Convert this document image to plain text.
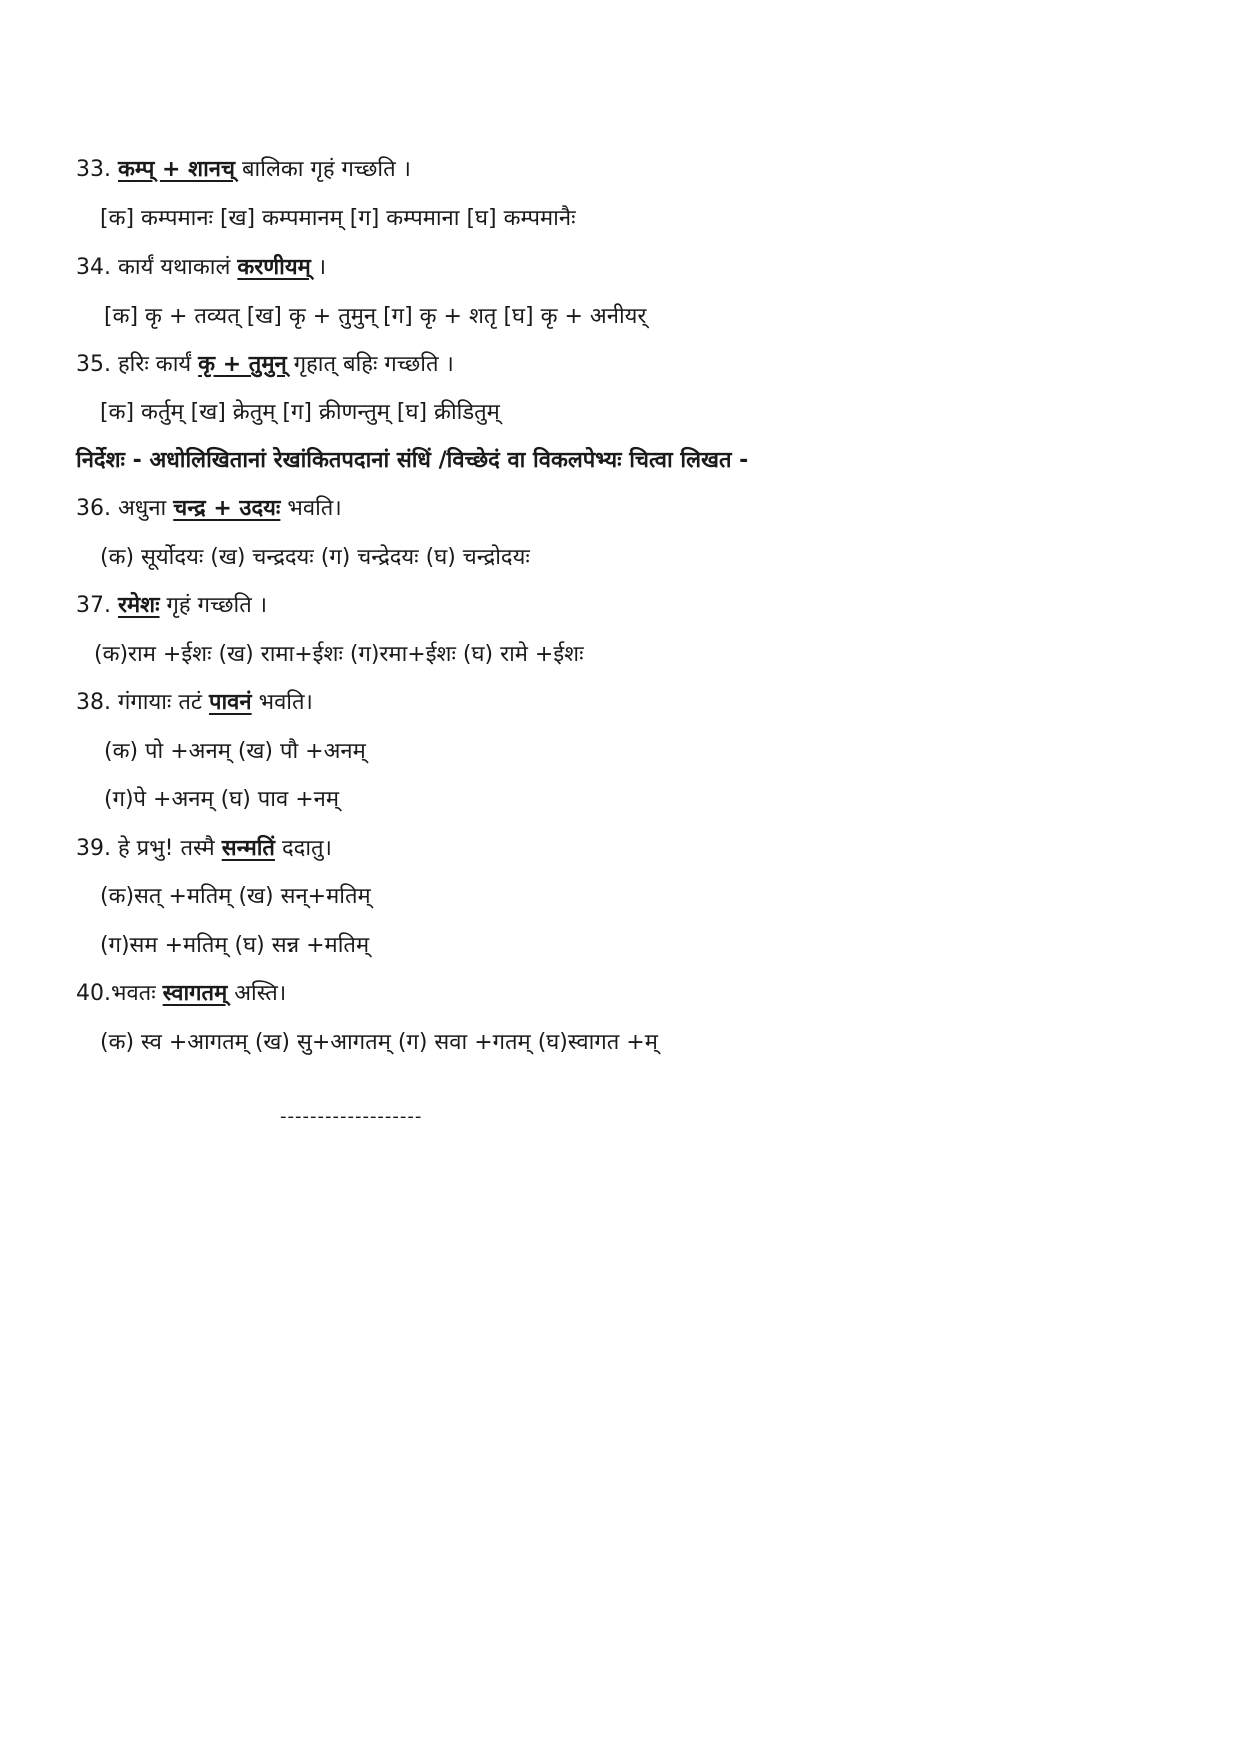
33. कम्प् + शानच् बालिका गृहं गच्छति ।
[क] कम्पमानः [ख] कम्पमानम् [ग] कम्पमाना [घ] कम्पमानैः
34. कार्यं यथाकालं करणीयम् ।
[क] कृ + तव्यत् [ख] कृ + तुमुन् [ग] कृ + शतृ [घ] कृ + अनीयर्
35. हरिः कार्यं कृ + तुमुन् गृहात् बहिः गच्छति ।
[क] कर्तुम् [ख] क्रेतुम् [ग] क्रीणन्तुम् [घ] क्रीडितुम्
निर्देशः - अधोलिखितानां रेखांकितपदानां संधिं /विच्छेदं वा विकलपेभ्यः चित्वा लिखत -
36. अधुना चन्द्र + उदयः भवति।
(क) सूर्योदयः (ख) चन्द्रदयः (ग) चन्द्रेदयः (घ) चन्द्रोदयः
37. रमेशः गृहं गच्छति ।
(क)राम +ईशः (ख) रामा+ईशः (ग)रमा+ईशः (घ) रामे +ईशः
38. गंगायाः तटं पावनं भवति।
(क) पो +अनम् (ख) पौ +अनम्
(ग)पे +अनम् (घ) पाव +नम्
39. हे प्रभु! तस्मै सन्मतिं ददातु।
(क)सत् +मतिम् (ख) सन्+मतिम्
(ग)सम +मतिम् (घ) सन्न +मतिम्
40.भवतः स्वागतम् अस्ति।
(क) स्व +आगतम् (ख) सु+आगतम् (ग) सवा +गतम् (घ)स्वागत +म्
-------------------
